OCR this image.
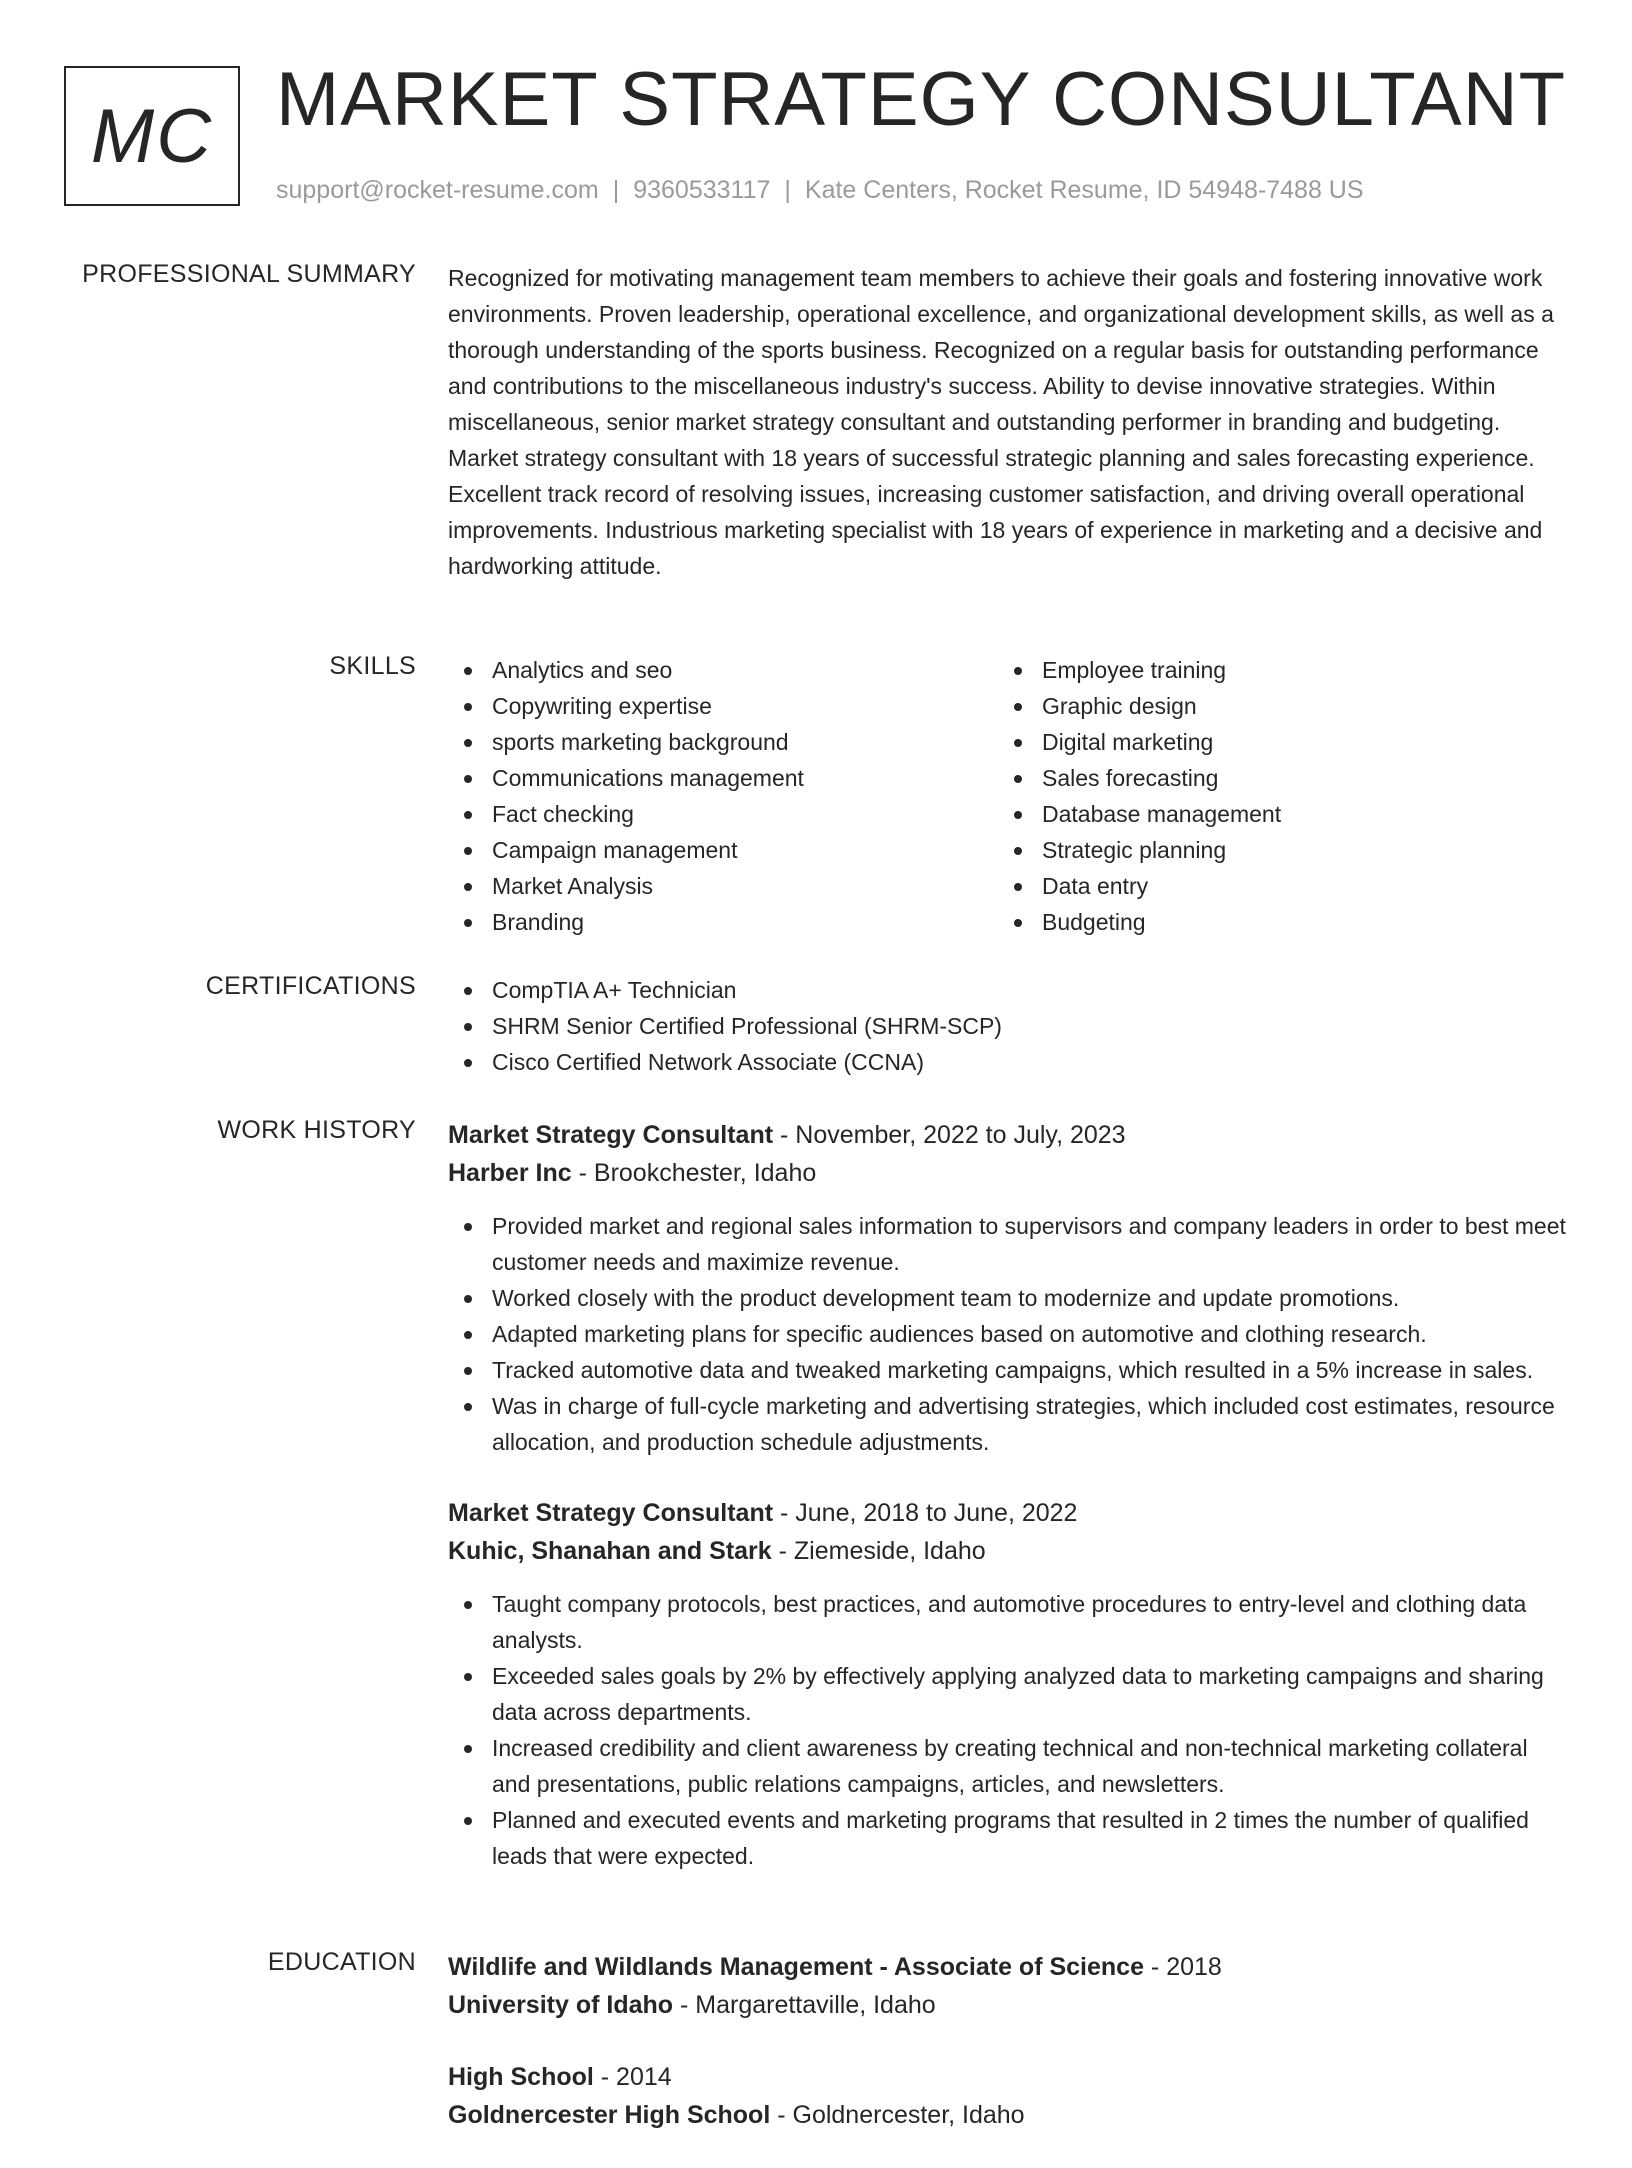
MC MARKET STRATEGY CONSULTANT
support@rocket-resume.com | 9360533117 | Kate Centers, Rocket Resume, ID 54948-7488 US
PROFESSIONAL SUMMARY Recognized for motivating management team members to achieve their goals and fostering innovative work environments. Proven leadership, operational excellence, and organizational development skills, as well as a thorough understanding of the sports business. Recognized on a regular basis for outstanding performance and contributions to the miscellaneous industry's success. Ability to devise innovative strategies. Within miscellaneous, senior market strategy consultant and outstanding performer in branding and budgeting. Market strategy consultant with 18 years of successful strategic planning and sales forecasting experience. Excellent track record of resolving issues, increasing customer satisfaction, and driving overall operational improvements. Industrious marketing specialist with 18 years of experience in marketing and a decisive and hardworking attitude.

SKILLS	Analytics and seo
Copywriting expertise
sports marketing background
Communications management
Fact checking
Campaign management
Market Analysis
Branding
Employee training
Graphic design
Digital marketing
Sales forecasting
Database management
Strategic planning
Data entry
Budgeting
CERTIFICATIONS	CompTIA A+ Technician
SHRM Senior Certified Professional (SHRM-SCP)
Cisco Certified Network Associate (CCNA)
WORK HISTORY Market Strategy Consultant - November, 2022 to July, 2023
Harber Inc - Brookchester, Idaho
Provided market and regional sales information to supervisors and company leaders in order to best meet customer needs and maximize revenue.
Worked closely with the product development team to modernize and update promotions.
Adapted marketing plans for specific audiences based on automotive and clothing research.
Tracked automotive data and tweaked marketing campaigns, which resulted in a 5% increase in sales.
Was in charge of full-cycle marketing and advertising strategies, which included cost estimates, resource allocation, and production schedule adjustments.
Market Strategy Consultant - June, 2018 to June, 2022
Kuhic, Shanahan and Stark - Ziemeside, Idaho
Taught company protocols, best practices, and automotive procedures to entry-level and clothing data analysts.
Exceeded sales goals by 2% by effectively applying analyzed data to marketing campaigns and sharing data across departments.
Increased credibility and client awareness by creating technical and non-technical marketing collateral and presentations, public relations campaigns, articles, and newsletters.
Planned and executed events and marketing programs that resulted in 2 times the number of qualified leads that were expected.
EDUCATION Wildlife and Wildlands Management - Associate of Science - 2018
University of Idaho - Margarettaville, Idaho
High School - 2014
Goldnercester High School - Goldnercester, Idaho
